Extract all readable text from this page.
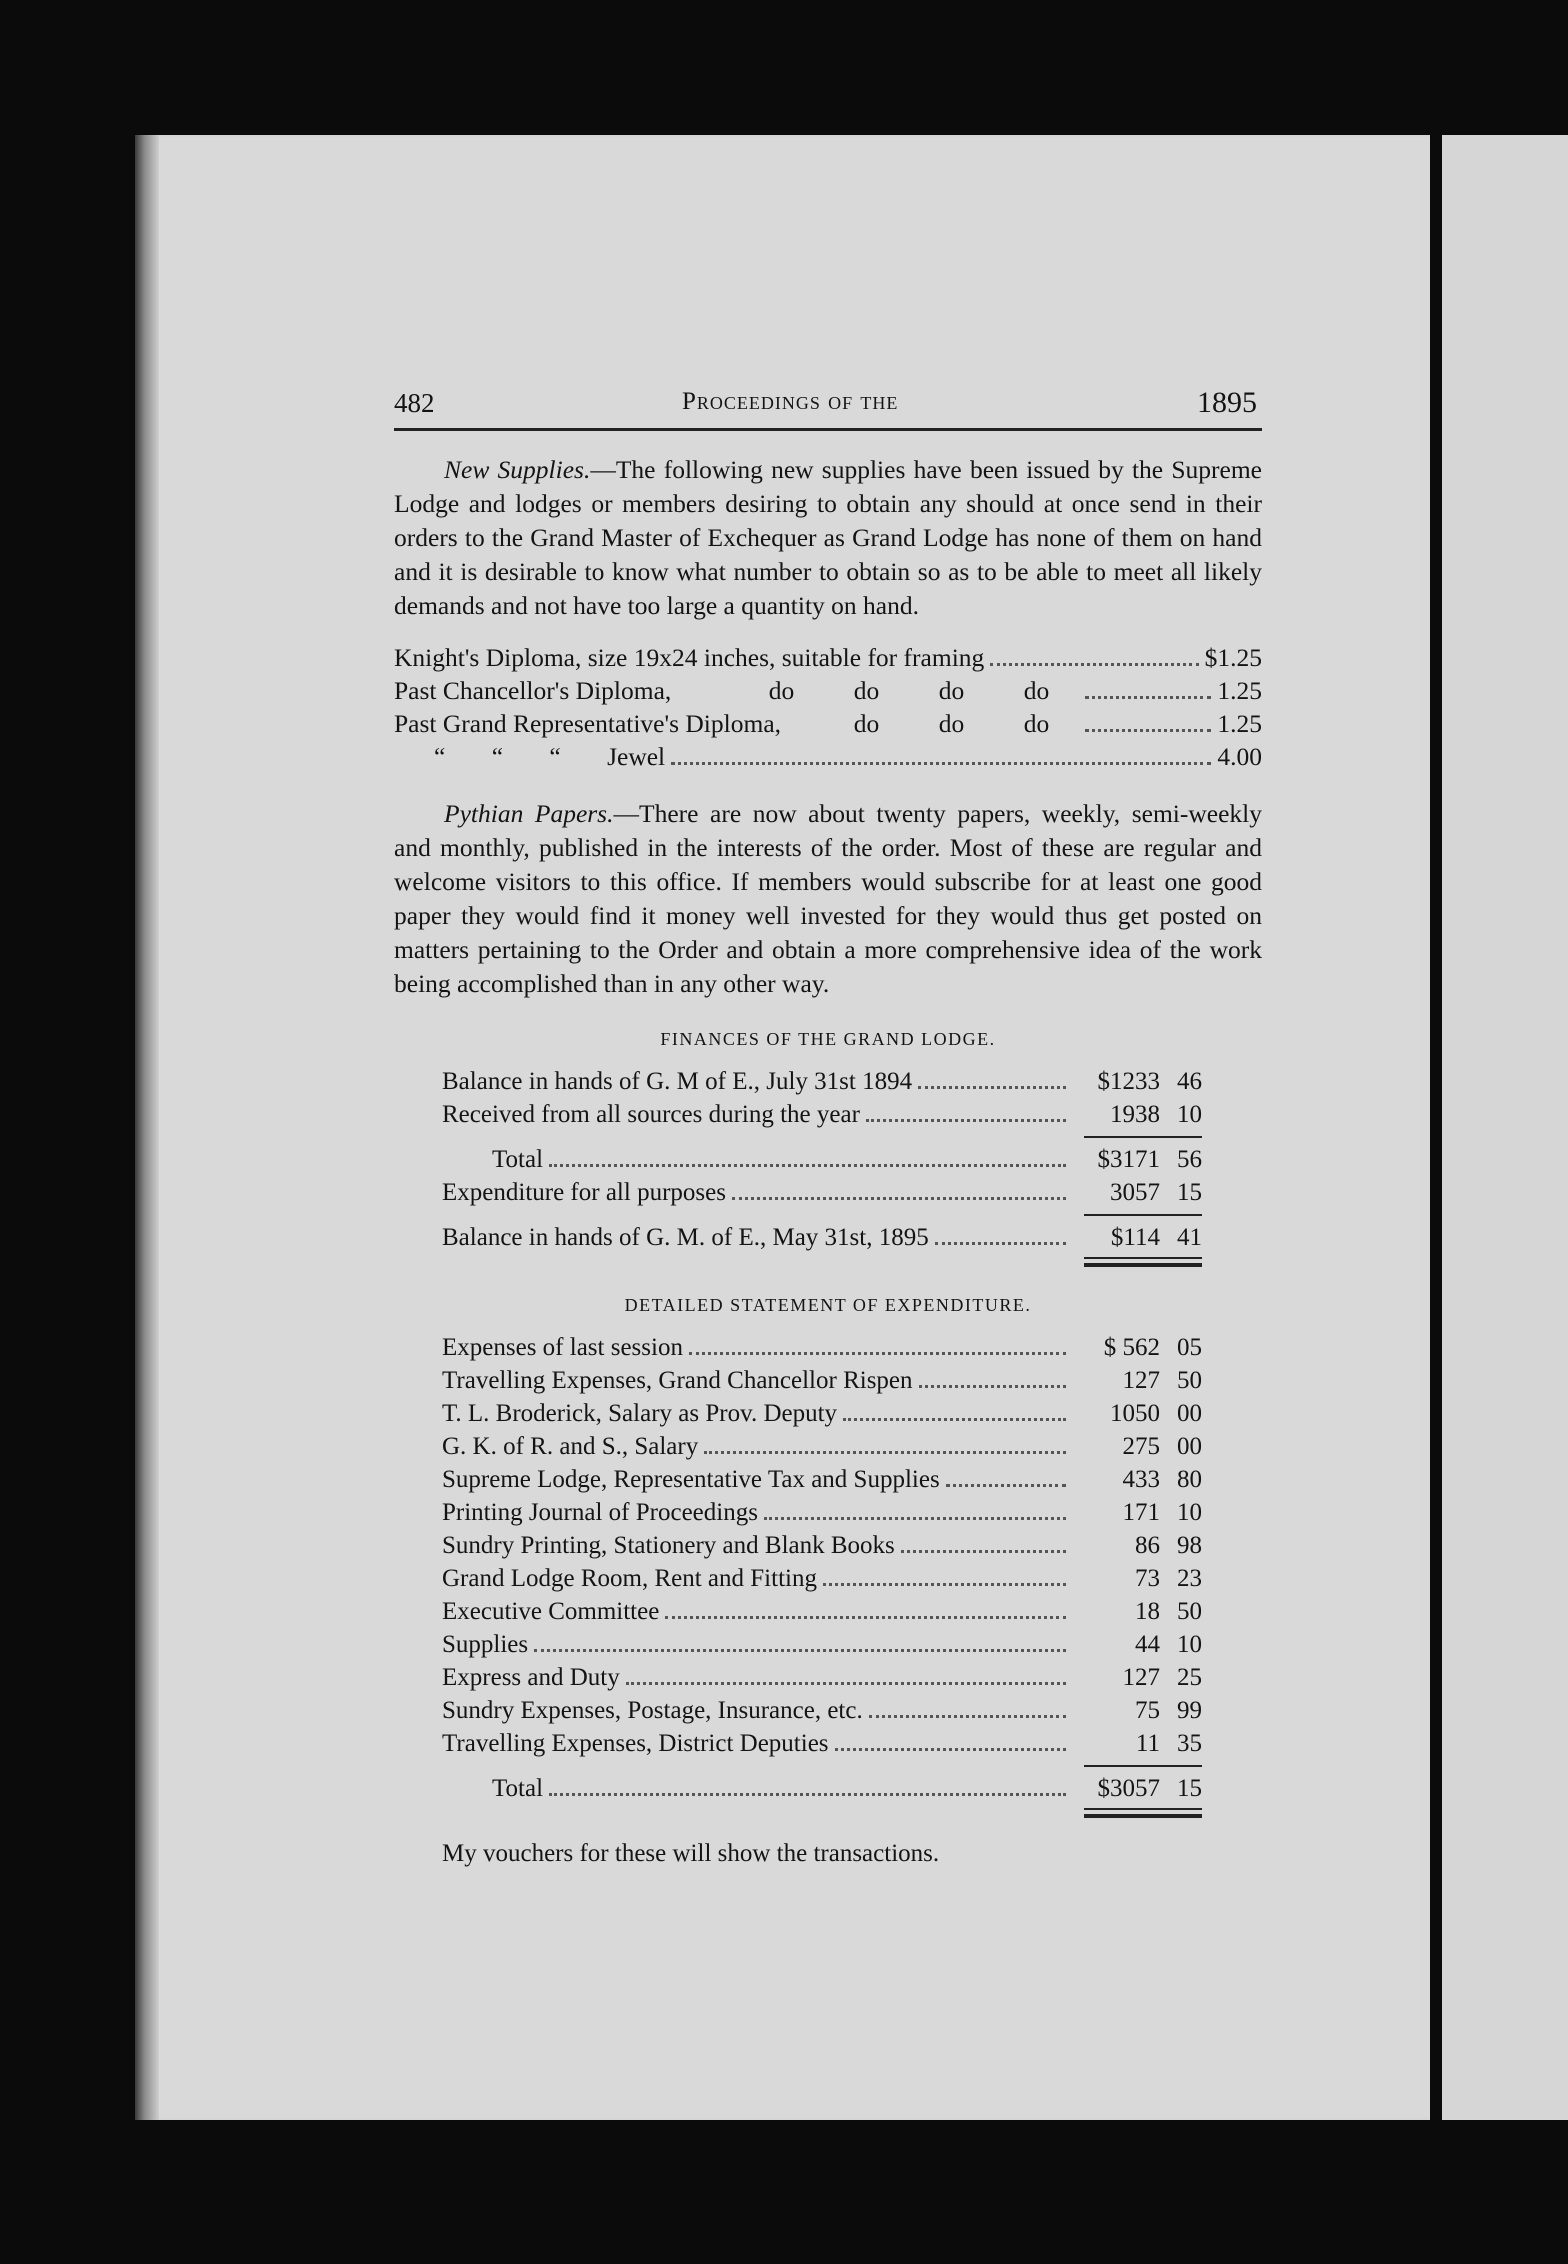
482	Proceedings of the	1895

New Supplies.—The following new supplies have been issued by the Supreme Lodge and lodges or members desiring to obtain any should at once send in their orders to the Grand Master of Exchequer as Grand Lodge has none of them on hand and it is desirable to know what number to obtain so as to be able to meet all likely demands and not have too large a quantity on hand.

Knight's Diploma, size 19x24 inches, suitable for framing	$1.25
Past Chancellor's Diploma,	do	do	do	do	1.25
Past Grand Representative's Diploma,	do	do	do	1.25
“ “ “ Jewel	4.00

Pythian Papers.—There are now about twenty papers, weekly, semi-weekly and monthly, published in the interests of the order. Most of these are regular and welcome visitors to this office. If members would subscribe for at least one good paper they would find it money well invested for they would thus get posted on matters pertaining to the Order and obtain a more comprehensive idea of the work being accomplished than in any other way.

FINANCES OF THE GRAND LODGE.
Balance in hands of G. M of E., July 31st 1894	$1233 46
Received from all sources during the year	1938 10
Total	$3171 56
Expenditure for all purposes	3057 15
Balance in hands of G. M. of E., May 31st, 1895	$114 41
DETAILED STATEMENT OF EXPENDITURE.
Expenses of last session	$ 562 05
Travelling Expenses, Grand Chancellor Rispen	127 50
T. L. Broderick, Salary as Prov. Deputy	1050 00
G. K. of R. and S., Salary	275 00
Supreme Lodge, Representative Tax and Supplies	433 80
Printing Journal of Proceedings	171 10
Sundry Printing, Stationery and Blank Books	86 98
Grand Lodge Room, Rent and Fitting	73 23
Executive Committee	18 50
Supplies	44 10
Express and Duty	127 25
Sundry Expenses, Postage, Insurance, etc.	75 99
Travelling Expenses, District Deputies	11 35
Total	$3057 15
My vouchers for these will show the transactions.
